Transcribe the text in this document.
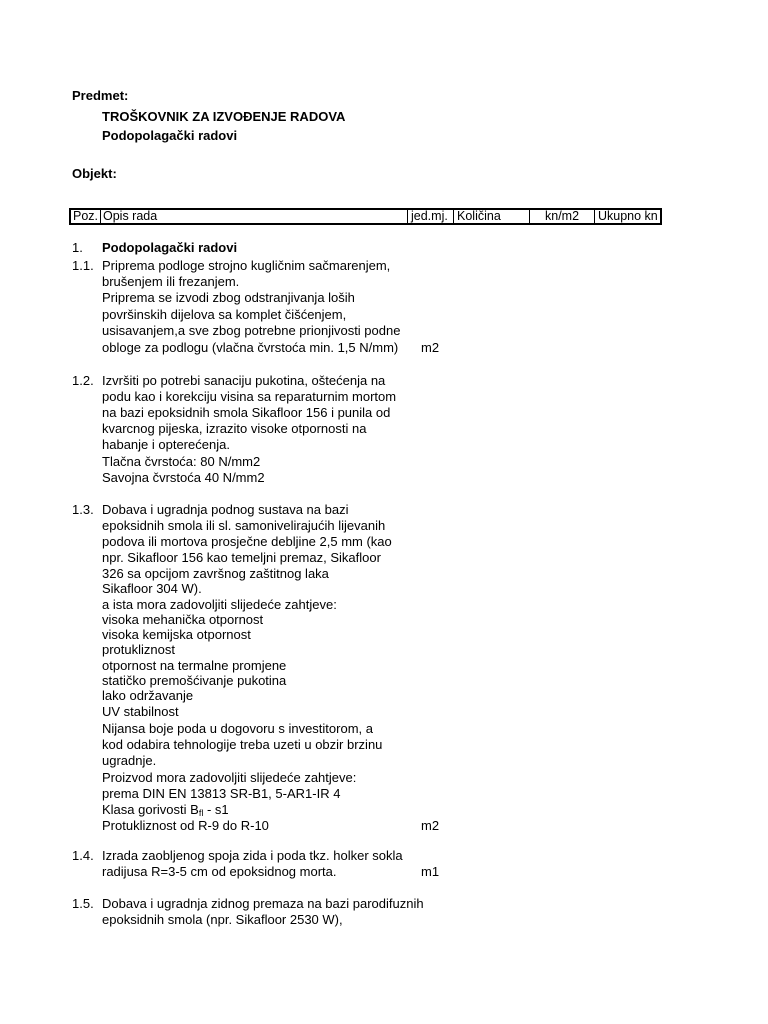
Predmet:
TROŠKOVNIK ZA IZVOĐENJE RADOVA
Podopolagački radovi
Objekt:
Poz. Opis rada	jed.mj. Količina	kn/m2 Ukupno kn
1. Podopolagački radovi
1.1. Priprema podloge strojno kugličnim sačmarenjem,
brušenjem ili frezanjem.
Priprema se izvodi zbog odstranjivanja loših
površinskih dijelova sa komplet čišćenjem,
usisavanjem,a sve zbog potrebne prionjivosti podne
obloge za podlogu (vlačna čvrstoća min. 1,5 N/mm) m2
1.2. Izvršiti po potrebi sanaciju pukotina, oštećenja na
podu kao i korekciju visina sa reparaturnim mortom
na bazi epoksidnih smola Sikafloor 156 i punila od
kvarcnog pijeska, izrazito visoke otpornosti na
habanje i opterećenja.
Tlačna čvrstoća: 80 N/mm2
Savojna čvrstoća 40 N/mm2
1.3. Dobava i ugradnja podnog sustava na bazi
epoksidnih smola ili sl. samonivelirajućih lijevanih
podova ili mortova prosječne debljine 2,5 mm (kao
npr. Sikafloor 156 kao temeljni premaz, Sikafloor
326 sa opcijom završnog zaštitnog laka
Sikafloor 304 W).
a ista mora zadovoljiti slijedeće zahtjeve:
visoka mehanička otpornost
visoka kemijska otpornost
protukliznost
otpornost na termalne promjene
statičko premošćivanje pukotina
lako održavanje
UV stabilnost
Nijansa boje poda u dogovoru s investitorom, a
kod odabira tehnologije treba uzeti u obzir brzinu
ugradnje.
Proizvod mora zadovoljiti slijedeće zahtjeve:
prema DIN EN 13813 SR-B1, 5-AR1-IR 4
Klasa gorivosti $B_{fl} - s1$
Protukliznost od R-9 do R-10	m2
1.4. Izrada zaobljenog spoja zida i poda tkz. holker sokla
radijusa R=3-5 cm od epoksidnog morta.	m1
1.5. Dobava i ugradnja zidnog premaza na bazi parodifuznih
epoksidnih smola (npr. Sikafloor 2530 W),
